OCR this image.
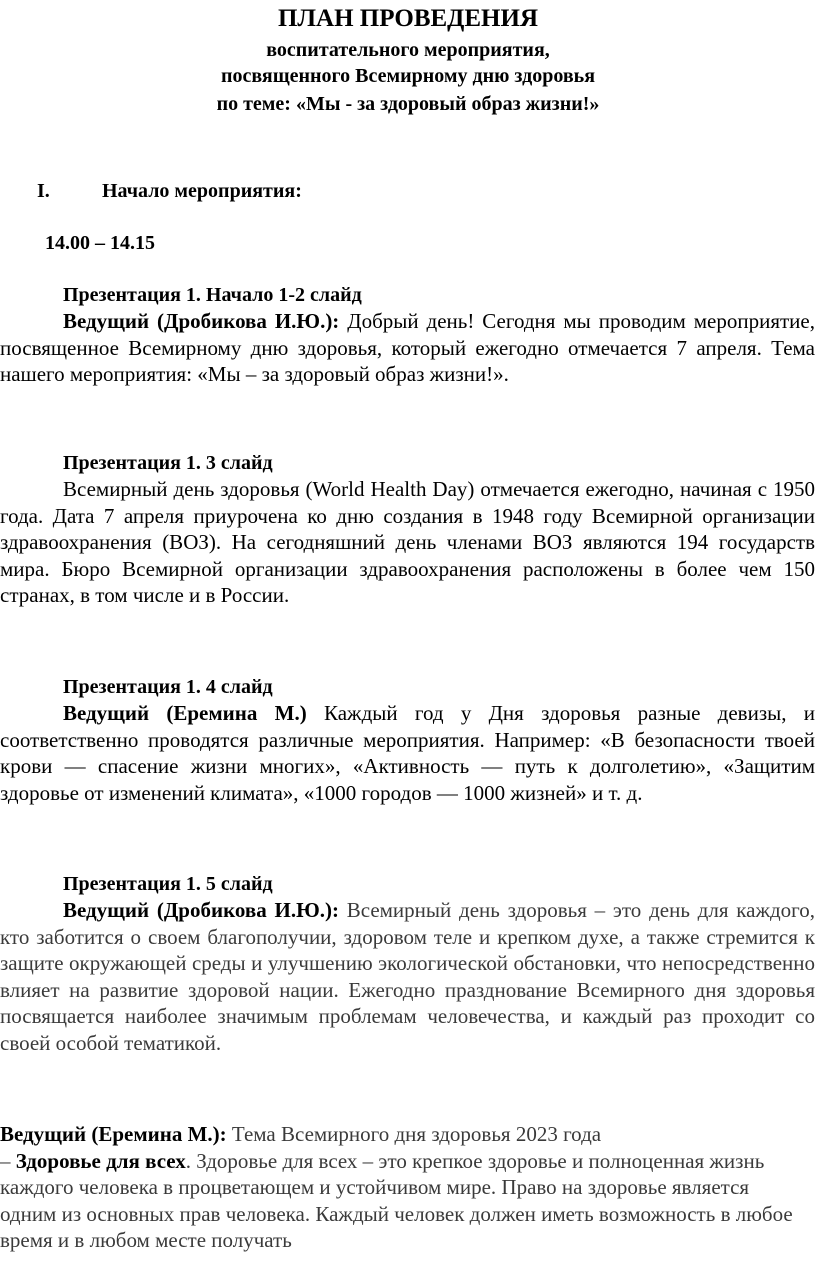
ПЛАН ПРОВЕДЕНИЯ
воспитательного мероприятия,
посвященного Всемирному дню здоровья
по теме: «Мы - за здоровый образ жизни!»
I.	Начало мероприятия:
14.00 – 14.15
Презентация 1. Начало 1-2 слайд

Ведущий (Дробикова И.Ю.): Добрый день! Сегодня мы проводим мероприятие, посвященное Всемирному дню здоровья, который ежегодно отмечается 7 апреля. Тема нашего мероприятия: «Мы – за здоровый образ жизни!».

Презентация 1. 3 слайд

Всемирный день здоровья (World Health Day) отмечается ежегодно, начиная с 1950 года. Дата 7 апреля приурочена ко дню создания в 1948 году Всемирной организации здравоохранения (ВОЗ). На сегодняшний день членами ВОЗ являются 194 государств мира. Бюро Всемирной организации здравоохранения расположены в более чем 150 странах, в том числе и в России.

Презентация 1. 4 слайд

Ведущий (Еремина М.) Каждый год у Дня здоровья разные девизы, и соответственно проводятся различные мероприятия. Например: «В безопасности твоей крови — спасение жизни многих», «Активность — путь к долголетию», «Защитим здоровье от изменений климата», «1000 городов — 1000 жизней» и т. д.

Презентация 1. 5 слайд

Ведущий (Дробикова И.Ю.): Всемирный день здоровья – это день для каждого, кто заботится о своем благополучии, здоровом теле и крепком духе, а также стремится к защите окружающей среды и улучшению экологической обстановки, что непосредственно влияет на развитие здоровой нации. Ежегодно празднование Всемирного дня здоровья посвящается наиболее значимым проблемам человечества, и каждый раз проходит со своей особой тематикой.

Ведущий (Еремина М.): Тема Всемирного дня здоровья 2023 года
– Здоровье для всех. Здоровье для всех – это крепкое здоровье и полноценная жизнь каждого человека в процветающем и устойчивом мире. Право на здоровье является одним из основных прав человека. Каждый человек должен иметь возможность в любое время и в любом месте получать
